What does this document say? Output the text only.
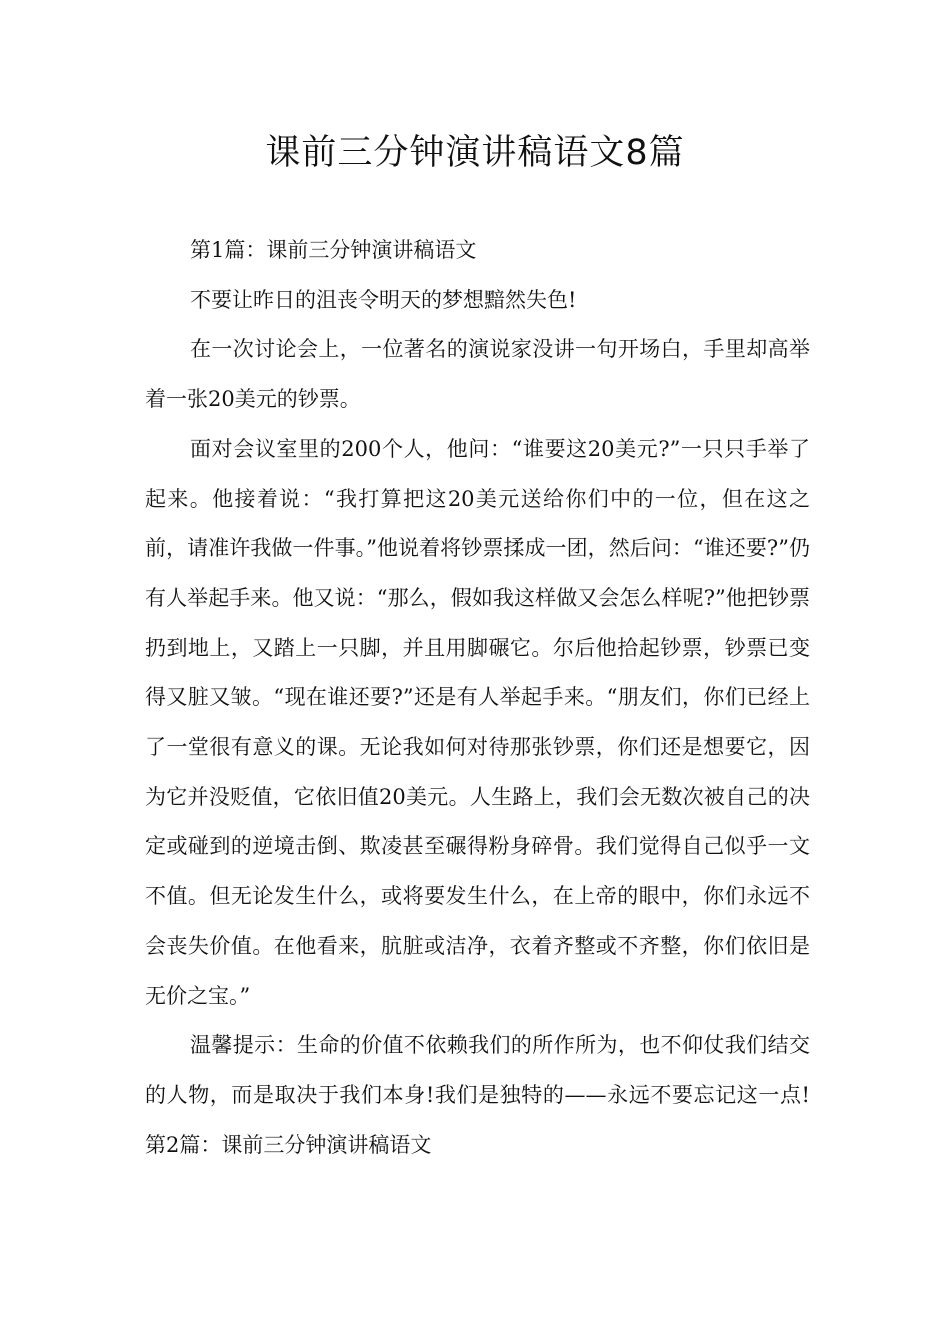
课前三分钟演讲稿语文8篇

第1篇：课前三分钟演讲稿语文

不要让昨日的沮丧令明天的梦想黯然失色!

在一次讨论会上，一位著名的演说家没讲一句开场白，手里却高举着一张20美元的钞票。

面对会议室里的200个人，他问：“谁要这20美元?”一只只手举了起来。他接着说：“我打算把这20美元送给你们中的一位，但在这之前，请准许我做一件事。”他说着将钞票揉成一团，然后问：“谁还要?”仍有人举起手来。他又说：“那么，假如我这样做又会怎么样呢?”他把钞票扔到地上，又踏上一只脚，并且用脚碾它。尔后他拾起钞票，钞票已变得又脏又皱。“现在谁还要?”还是有人举起手来。“朋友们，你们已经上了一堂很有意义的课。无论我如何对待那张钞票，你们还是想要它，因为它并没贬值，它依旧值20美元。人生路上，我们会无数次被自己的决定或碰到的逆境击倒、欺凌甚至碾得粉身碎骨。我们觉得自己似乎一文不值。但无论发生什么，或将要发生什么，在上帝的眼中，你们永远不会丧失价值。在他看来，肮脏或洁净，衣着齐整或不齐整，你们依旧是无价之宝。”

温馨提示：生命的价值不依赖我们的所作所为，也不仰仗我们结交的人物，而是取决于我们本身!我们是独特的——永远不要忘记这一点!第2篇：课前三分钟演讲稿语文
